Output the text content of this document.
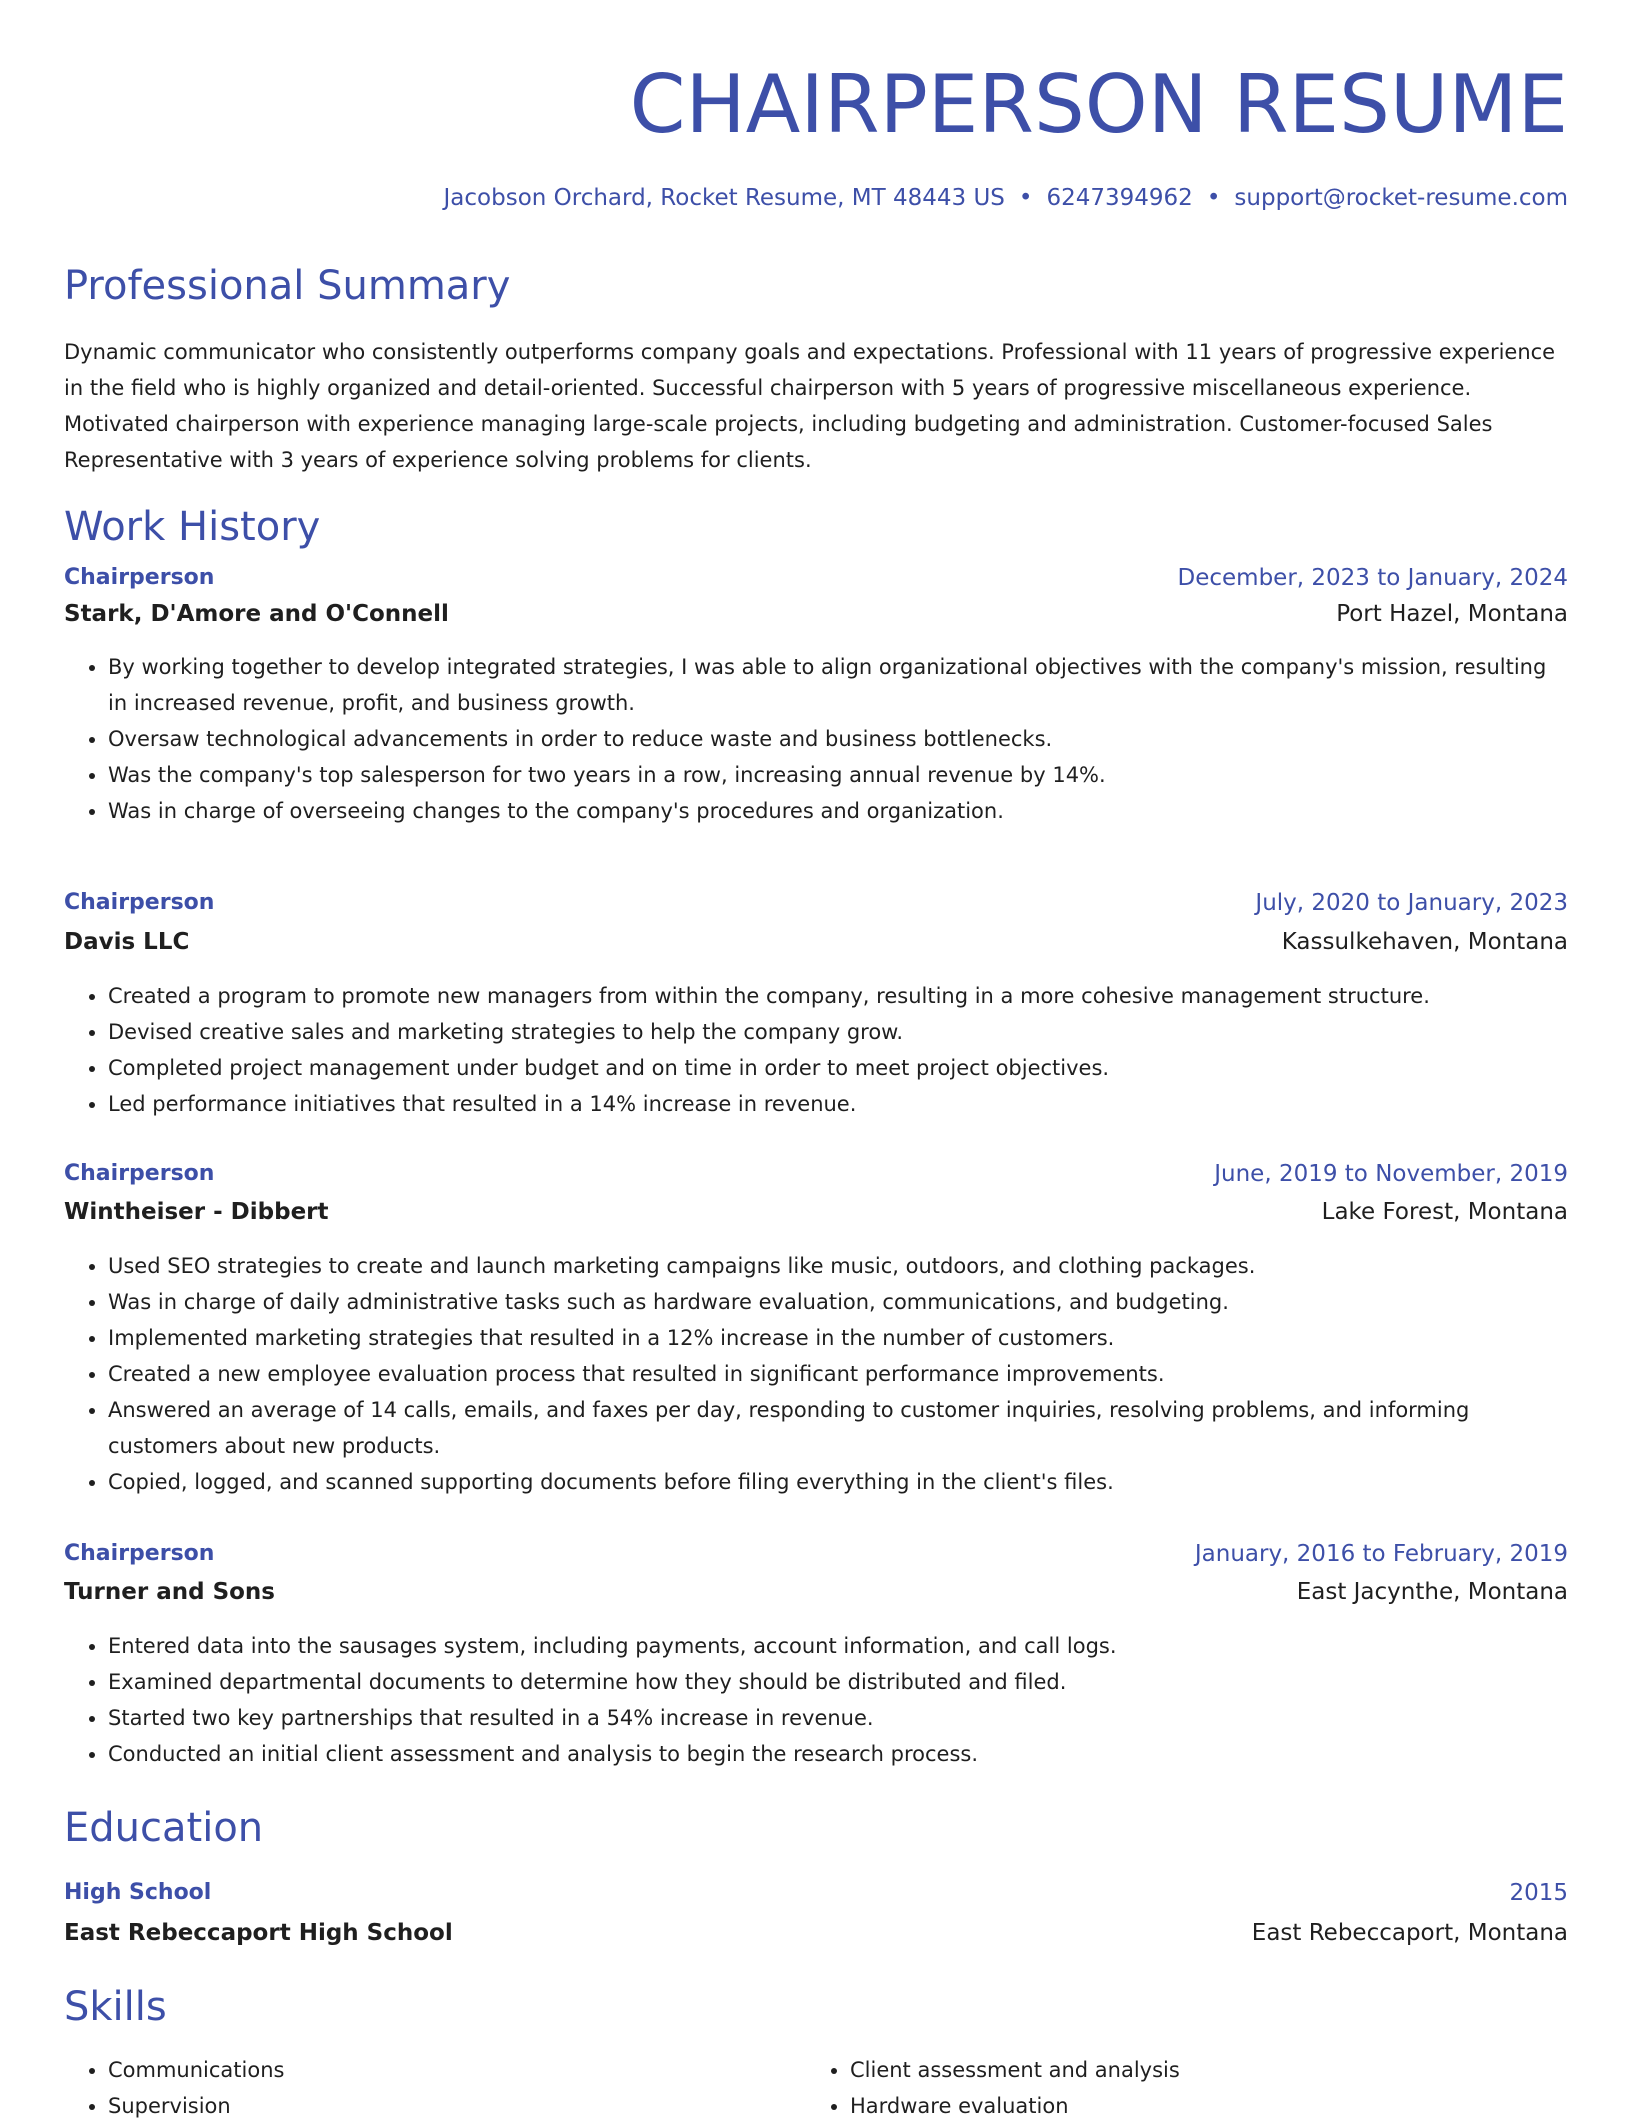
CHAIRPERSON RESUME
Jacobson Orchard, Rocket Resume, MT 48443 US • 6247394962 • support@rocket-resume.com
Professional Summary

Dynamic communicator who consistently outperforms company goals and expectations. Professional with 11 years of progressive experience in the field who is highly organized and detail-oriented. Successful chairperson with 5 years of progressive miscellaneous experience. Motivated chairperson with experience managing large-scale projects, including budgeting and administration. Customer-focused Sales Representative with 3 years of experience solving problems for clients.

Work History
Chairperson	December, 2023 to January, 2024
Stark, D'Amore and O'Connell	Port Hazel, Montana
• By working together to develop integrated strategies, I was able to align organizational objectives with the company's mission, resulting in increased revenue, profit, and business growth.
• Oversaw technological advancements in order to reduce waste and business bottlenecks.
• Was the company's top salesperson for two years in a row, increasing annual revenue by 14%.
• Was in charge of overseeing changes to the company's procedures and organization.
Chairperson	July, 2020 to January, 2023
Davis LLC	Kassulkehaven, Montana
• Created a program to promote new managers from within the company, resulting in a more cohesive management structure.
• Devised creative sales and marketing strategies to help the company grow.
• Completed project management under budget and on time in order to meet project objectives.
• Led performance initiatives that resulted in a 14% increase in revenue.
Chairperson	June, 2019 to November, 2019
Wintheiser - Dibbert	Lake Forest, Montana
• Used SEO strategies to create and launch marketing campaigns like music, outdoors, and clothing packages.
• Was in charge of daily administrative tasks such as hardware evaluation, communications, and budgeting.
• Implemented marketing strategies that resulted in a 12% increase in the number of customers.
• Created a new employee evaluation process that resulted in significant performance improvements.
• Answered an average of 14 calls, emails, and faxes per day, responding to customer inquiries, resolving problems, and informing customers about new products.
• Copied, logged, and scanned supporting documents before filing everything in the client's files.
Chairperson	January, 2016 to February, 2019
Turner and Sons	East Jacynthe, Montana
• Entered data into the sausages system, including payments, account information, and call logs.
• Examined departmental documents to determine how they should be distributed and filed.
• Started two key partnerships that resulted in a 54% increase in revenue.
• Conducted an initial client assessment and analysis to begin the research process.
Education
High School	2015
East Rebeccaport High School	East Rebeccaport, Montana
Skills
• Communications
• Supervision
• Client assessment and analysis
• Hardware evaluation
